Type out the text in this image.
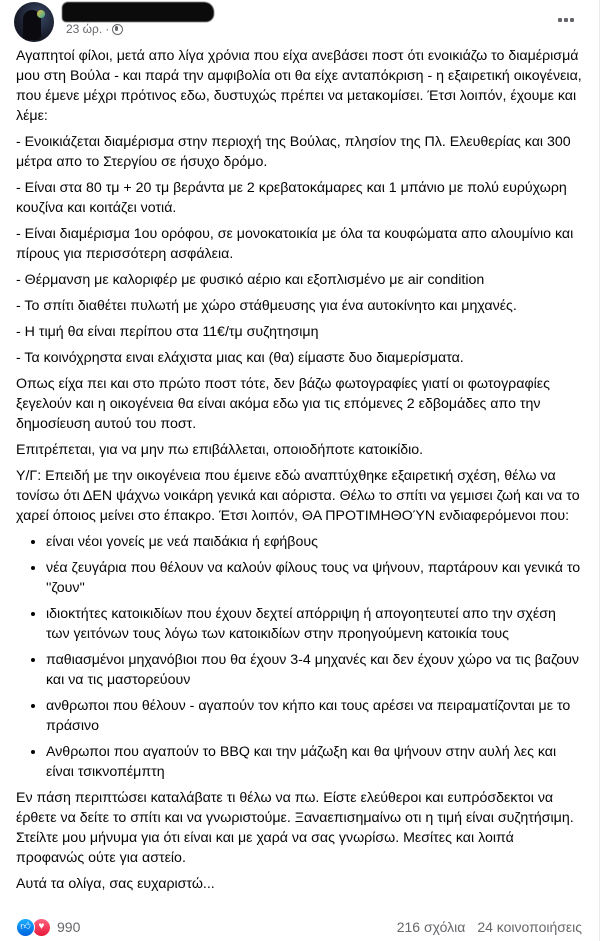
23 ώρ. ·

Αγαπητοί φίλοι, μετά απο λίγα χρόνια που είχα ανεβάσει ποστ ότι ενοικιάζω το διαμέρισμά μου στη Βούλα - και παρά την αμφιβολία οτι θα είχε ανταπόκριση - η εξαιρετική οικογένεια, που έμενε μέχρι πρότινος εδω, δυστυχώς πρέπει να μετακομίσει. Έτσι λοιπόν, έχουμε και λέμε:

- Ενοικιάζεται διαμέρισμα στην περιοχή της Βούλας, πλησίον της Πλ. Ελευθερίας και 300 μέτρα απο το Στεργίου σε ήσυχο δρόμο.

- Είναι στα 80 τμ + 20 τμ βεράντα με 2 κρεβατοκάμαρες και 1 μπάνιο με πολύ ευρύχωρη κουζίνα και κοιτάζει νοτιά.

- Είναι διαμέρισμα 1ου ορόφου, σε μονοκατοικία με όλα τα κουφώματα απο αλουμίνιο και πίρους για περισσότερη ασφάλεια.

- Θέρμανση με καλοριφέρ με φυσικό αέριο και εξοπλισμένο με air condition

- Το σπίτι διαθέτει πυλωτή με χώρο στάθμευσης για ένα αυτοκίνητο και μηχανές.

- Η τιμή θα είναι περίπου στα 11€/τμ συζητησιμη

- Τα κοινόχρηστα ειναι ελάχιστα μιας και (θα) είμαστε δυο διαμερίσματα.

Οπως είχα πει και στο πρώτο ποστ τότε, δεν βάζω φωτογραφίες γιατί οι φωτογραφίες ξεγελούν και η οικογένεια θα είναι ακόμα εδω για τις επόμενες 2 εδβομάδες απο την δημοσίευση αυτού του ποστ.

Επιτρέπεται, για να μην πω επιβάλλεται, οποιοδήποτε κατοικίδιο.

Υ/Γ: Επειδή με την οικογένεια που έμεινε εδώ αναπτύχθηκε εξαιρετική σχέση, θέλω να τονίσω ότι ΔΕΝ ψάχνω νοικάρη γενικά και αόριστα. Θέλω το σπίτι να γεμισει ζωή και να το χαρεί όποιος μείνει στο έπακρο. Έτσι λοιπόν, ΘΑ ΠΡΟΤΙΜΗΘΟΎΝ ενδιαφερόμενοι που:

• είναι νέοι γονείς με νεά παιδάκια ή εφήβους
• νέα ζευγάρια που θέλουν να καλούν φίλους τους να ψήνουν, παρτάρουν και γενικά το ''ζουν''
• ιδιοκτήτες κατοικιδίων που έχουν δεχτεί απόρριψη ή απογοητευτεί απο την σχέση των γειτόνων τους λόγω των κατοικιδίων στην προηγούμενη κατοικία τους
• παθιασμένοι μηχανόβιοι που θα έχουν 3-4 μηχανές και δεν έχουν χώρο να τις βαζουν και να τις μαστορεύουν
• ανθρωποι που θέλουν - αγαπούν τον κήπο και τους αρέσει να πειραματίζονται με το πράσινο
• Ανθρωποι που αγαπούν το BBQ και την μάζωξη και θα ψήνουν στην αυλή λες και είναι τσικνοπέμπτη

Εν πάση περιπτώσει καταλάβατε τι θέλω να πω. Είστε ελεύθεροι και ευπρόσδεκτοι να έρθετε να δείτε το σπίτι και να γνωριστούμε. Ξαναεπισημαίνω οτι η τιμή είναι συζητήσιμη. Στείλτε μου μήνυμα για ότι είναι και με χαρά να σας γνωρίσω. Μεσίτες και λοιπά προφανώς ούτε για αστείο.

Αυτά τα ολίγα, σας ευχαριστώ...

👍︎ ♥ 990	216 σχόλια 24 κοινοποιήσεις
